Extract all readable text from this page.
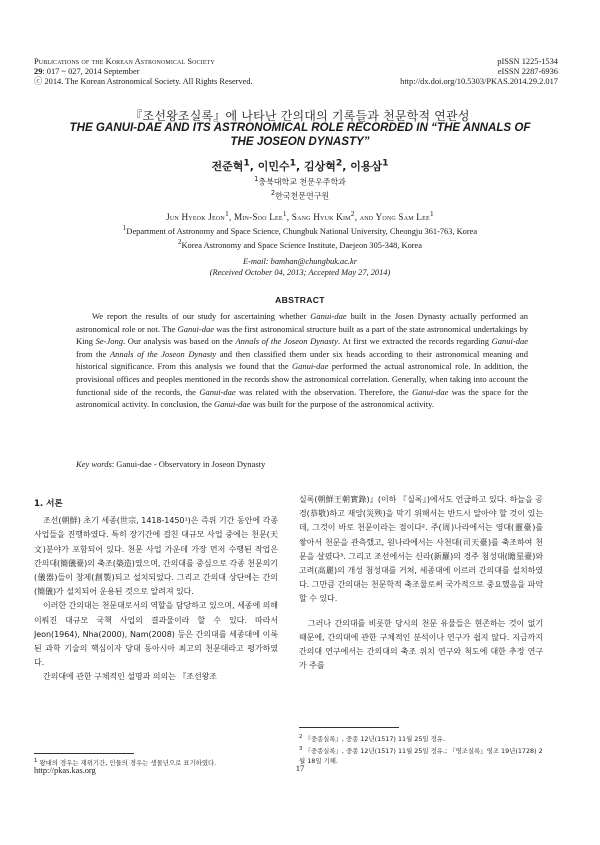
Publications of the Korean Astronomical Society
29: 017 ~ 027, 2014 September
ⓒ 2014. The Korean Astronomical Society. All Rights Reserved.
pISSN 1225-1534
eISSN 2287-6936
http://dx.doi.org/10.5303/PKAS.2014.29.2.017
『조선왕조실록』에 나타난 간의대의 기록들과 천문학적 연관성
THE GANUI-DAE AND ITS ASTRONOMICAL ROLE RECORDED IN “THE ANNALS OF THE JOSEON DYNASTY”
전준혁$^1$, 이민수$^1$, 김상혁$^2$, 이용삼$^1$
$^1$충북대학교 천문우주학과
$^2$한국천문연구원
Jun Hyeok Jeon$^1$, Min-Soo Lee$^1$, Sang Hyuk Kim$^2$, and Yong Sam Lee$^1$
$^1$Department of Astronomy and Space Science, Chungbuk National University, Cheongju 361-763, Korea
$^2$Korea Astronomy and Space Science Institute, Daejeon 305-348, Korea
E-mail: bamhan@chungbuk.ac.kr
(Received October 04, 2013; Accepted May 27, 2014)
ABSTRACT
We report the results of our study for ascertaining whether Ganui-dae built in the Josen Dynasty actually performed an astronomical role or not. The Ganui-dae was the first astronomical structure built as a part of the state astronomical undertakings by King Se-Jong. Our analysis was based on the Annals of the Joseon Dynasty. At first we extracted the records regarding Ganui-dae from the Annals of the Joseon Dynasty and then classified them under six heads according to their astronomical meaning and historical significance. From this analysis we found that the Ganui-dae performed the actual astronomical role. In addition, the provisional offices and peoples mentioned in the records show the astronomical correlation. Generally, when taking into account the functional side of the records, the Ganui-dae was related with the observation. Therefore, the Ganui-dae was the space for the astronomical activity. In conclusion, the Ganui-dae was built for the purpose of the astronomical activity.
Key words: Ganui-dae - Observatory in Joseon Dynasty
1. 서론

조선(朝鮮) 초기 세종(世宗, 1418-1450¹)은 즉위 기간 동안에 각종 사업들을 진행하였다. 특히 장기간에 걸친 대규모 사업 중에는 천문(天文)분야가 포함되어 있다. 천문 사업 가운데 가장 먼저 수행된 작업은 간의대(簡儀臺)의 축조(築造)였으며, 간의대를 중심으로 각종 천문의기(儀器)들이 창제(創製)되고 설치되었다. 그리고 간의대 상단에는 간의(簡儀)가 설치되어 운용된 것으로 알려져 있다.

이러한 간의대는 천문대로서의 역할을 담당하고 있으며, 세종에 의해 이뤄진 대규모 국책 사업의 결과물이라 할 수 있다. 따라서 Jeon(1964), Nha(2000), Nam(2008) 등은 간의대를 세종대에 이룩된 과학 기술의 핵심이자 당대 동아시아 최고의 천문대라고 평가하였다.

간의대에 관한 구체적인 설명과 의의는 『조선왕조

실록(朝鮮王朝實錄)』(이하 『실록』)에서도 언급하고 있다. 하늘을 공경(恭敬)하고 재앙(災殃)을 막기 위해서는 반드시 알아야 할 것이 있는데, 그것이 바로 천문이라는 점이다². 주(周)나라에서는 영대(靈臺)를 쌓아서 천문을 관측했고, 원나라에서는 사천대(司天臺)를 축조하여 천문을 살폈다³. 그리고 조선에서는 신라(新羅)의 경주 첨성대(瞻星臺)와 고려(高麗)의 개성 첨성대를 거쳐, 세종대에 이르러 간의대를 설치하였다. 그만큼 간의대는 천문학적 축조물로써 국가적으로 중요했음을 파악할 수 있다.

그러나 간의대를 비롯한 당시의 천문 유물들은 현존하는 것이 없기 때문에, 간의대에 관한 구체적인 분석이나 연구가 쉽지 않다. 지금까지 간의대 연구에서는 간의대의 축조 위치 연구와 척도에 대한 추정 연구가 주를

$^1$ 왕대의 경우는 재위기간, 인물의 경우는 생몰년으로 표기하였다.
$^2$ 『중종실록』, 중종 12년(1517) 11월 25일 정유.
$^3$ 『중종실록』, 중종 12년(1517) 11월 25일 정유.; 『영조실록』영조 19년(1728) 2월 18일 기해.
http://pkas.kas.org	17
